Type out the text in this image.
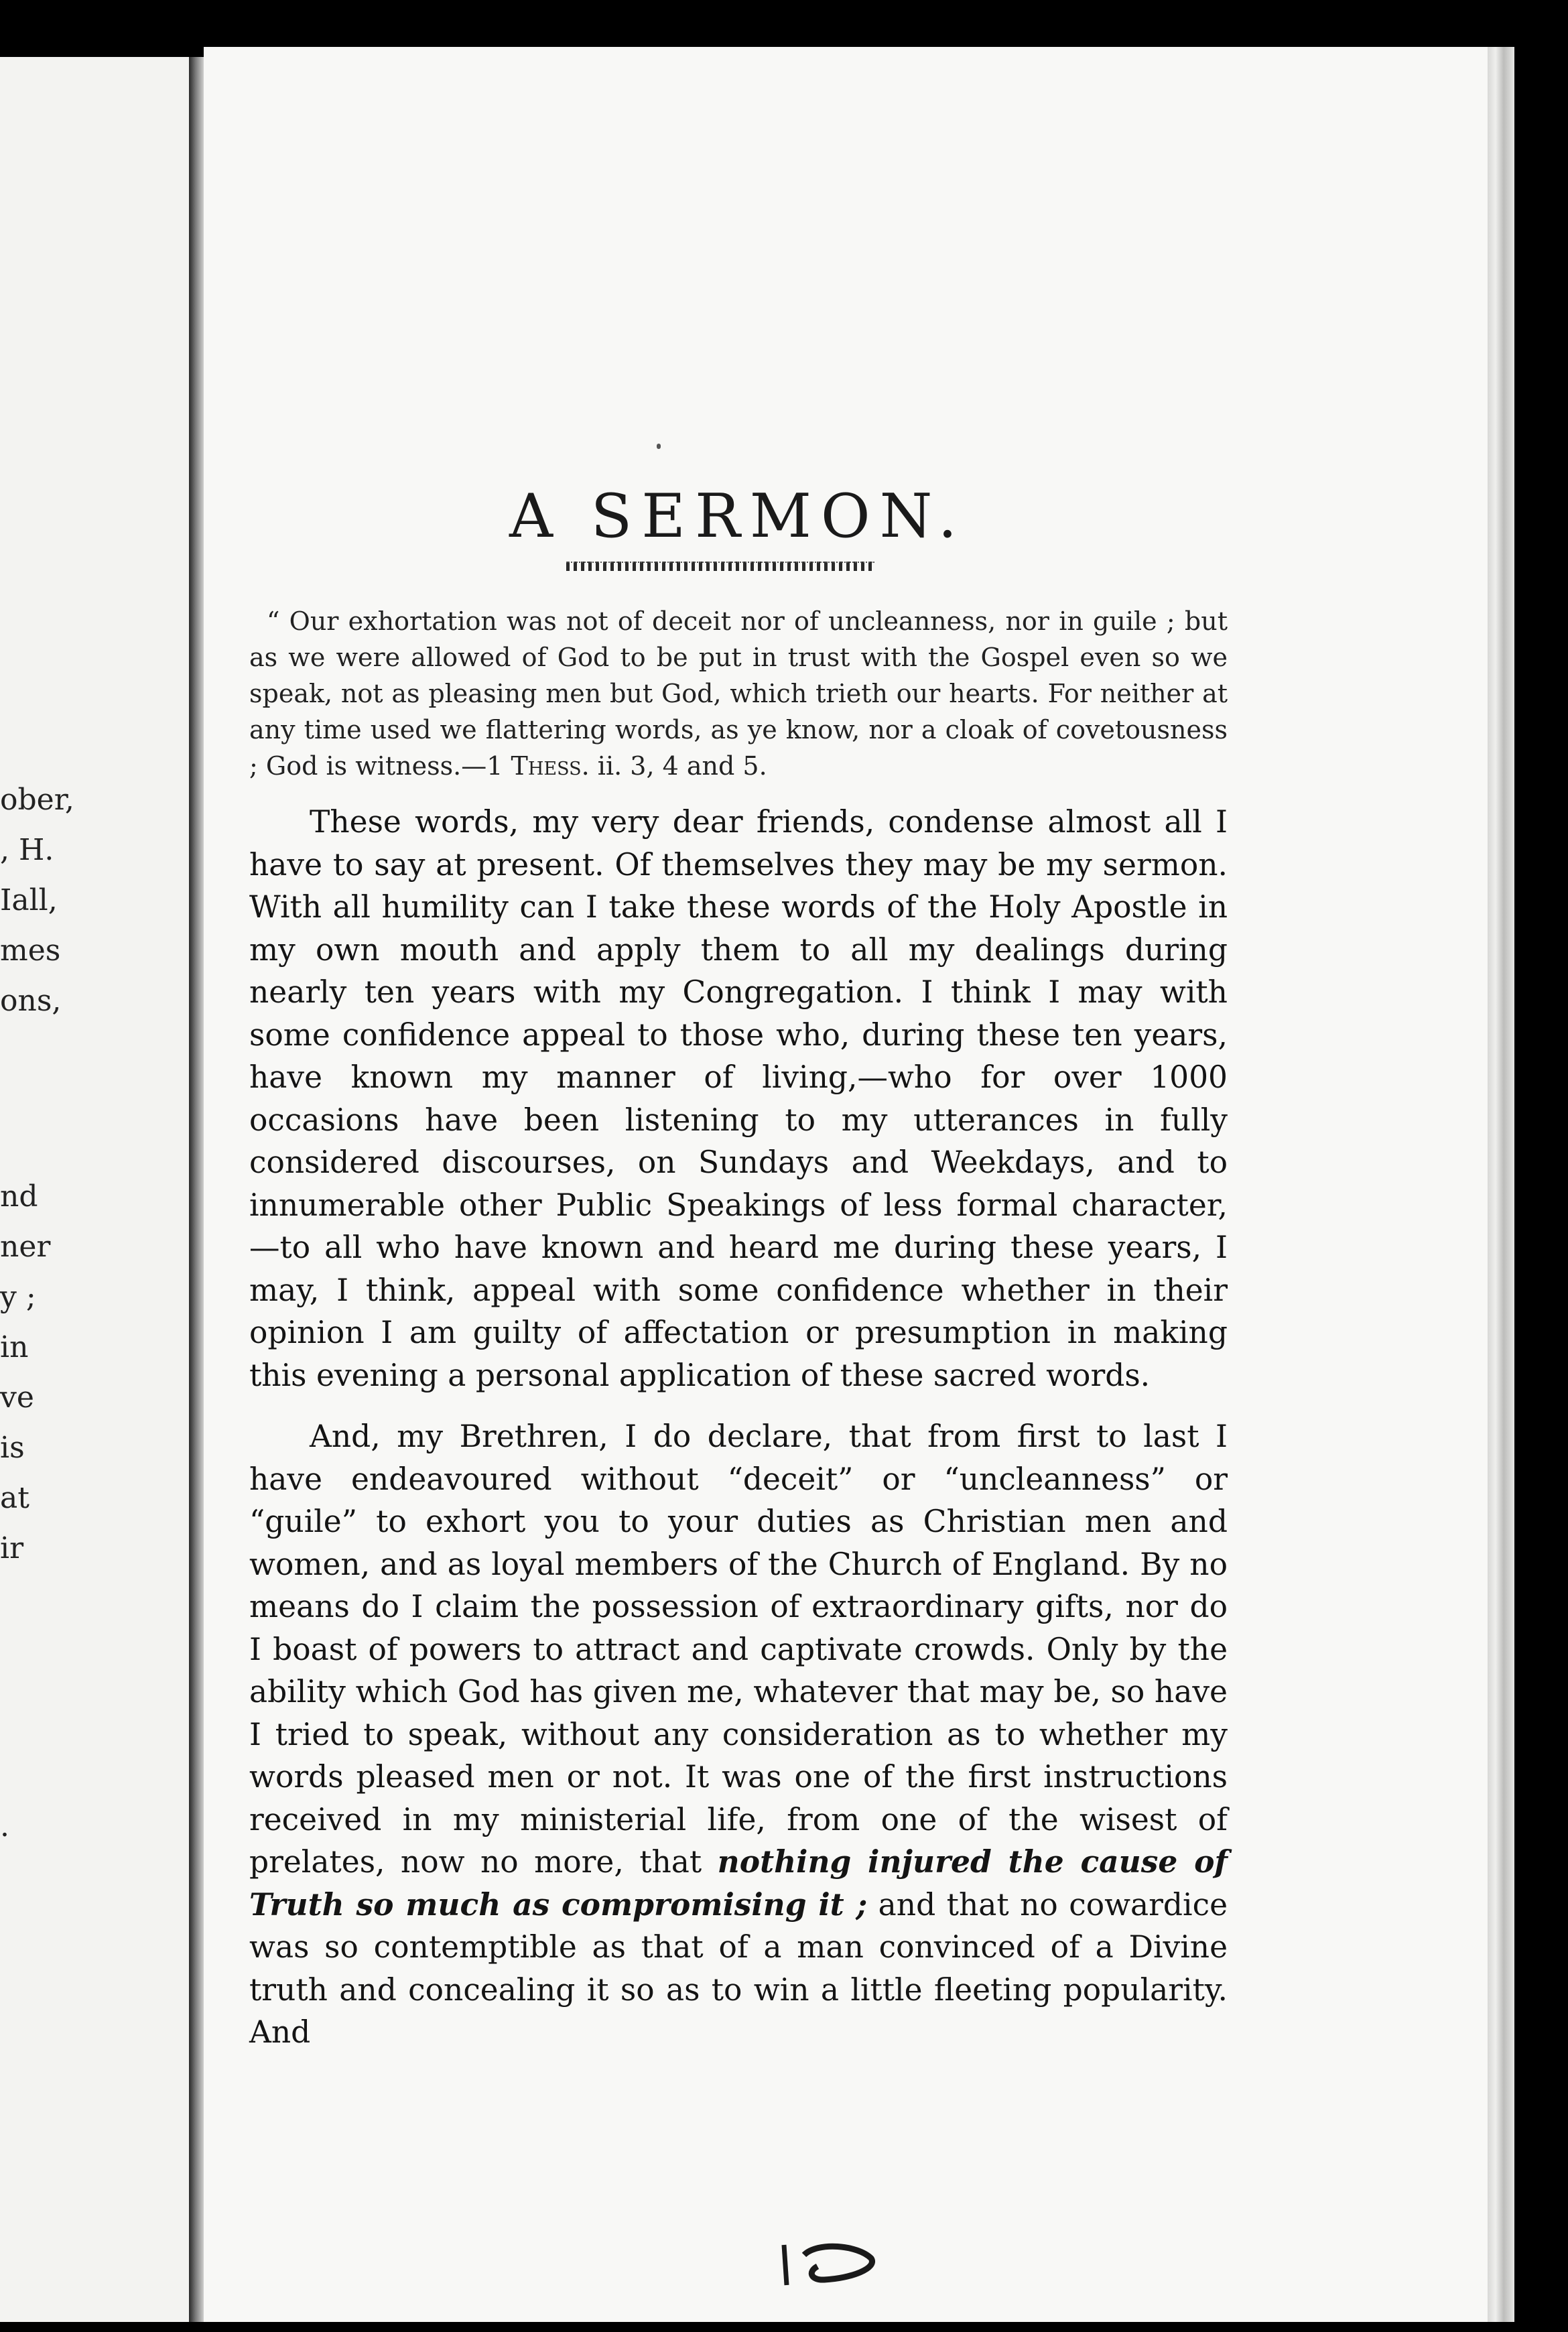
ober,
, H.
Iall,
mes
ons,
nd
ner
y ;
in
ve
is
at
ir
.
A SERMON.

“ Our exhortation was not of deceit nor of uncleanness, nor in guile ; but as we were allowed of God to be put in trust with the Gospel even so we speak, not as pleasing men but God, which trieth our hearts. For neither at any time used we flattering words, as ye know, nor a cloak of covetousness ; God is witness.—1 Thess. ii. 3, 4 and 5.

These words, my very dear friends, condense almost all I have to say at present. Of themselves they may be my sermon. With all humility can I take these words of the Holy Apostle in my own mouth and apply them to all my dealings during nearly ten years with my Congregation. I think I may with some confidence appeal to those who, during these ten years, have known my manner of living,—who for over 1000 occasions have been listening to my utterances in fully considered discourses, on Sundays and Weekdays, and to innumerable other Public Speakings of less formal character,—to all who have known and heard me during these years, I may, I think, appeal with some confidence whether in their opinion I am guilty of affectation or presumption in making this evening a personal application of these sacred words.

And, my Brethren, I do declare, that from first to last I have endeavoured without “deceit” or “uncleanness” or “guile” to exhort you to your duties as Christian men and women, and as loyal members of the Church of England. By no means do I claim the possession of extraordinary gifts, nor do I boast of powers to attract and captivate crowds. Only by the ability which God has given me, whatever that may be, so have I tried to speak, without any consideration as to whether my words pleased men or not. It was one of the first instructions received in my ministerial life, from one of the wisest of prelates, now no more, that nothing injured the cause of Truth so much as compromising it ; and that no cowardice was so contemptible as that of a man convinced of a Divine truth and concealing it so as to win a little fleeting popularity. And
